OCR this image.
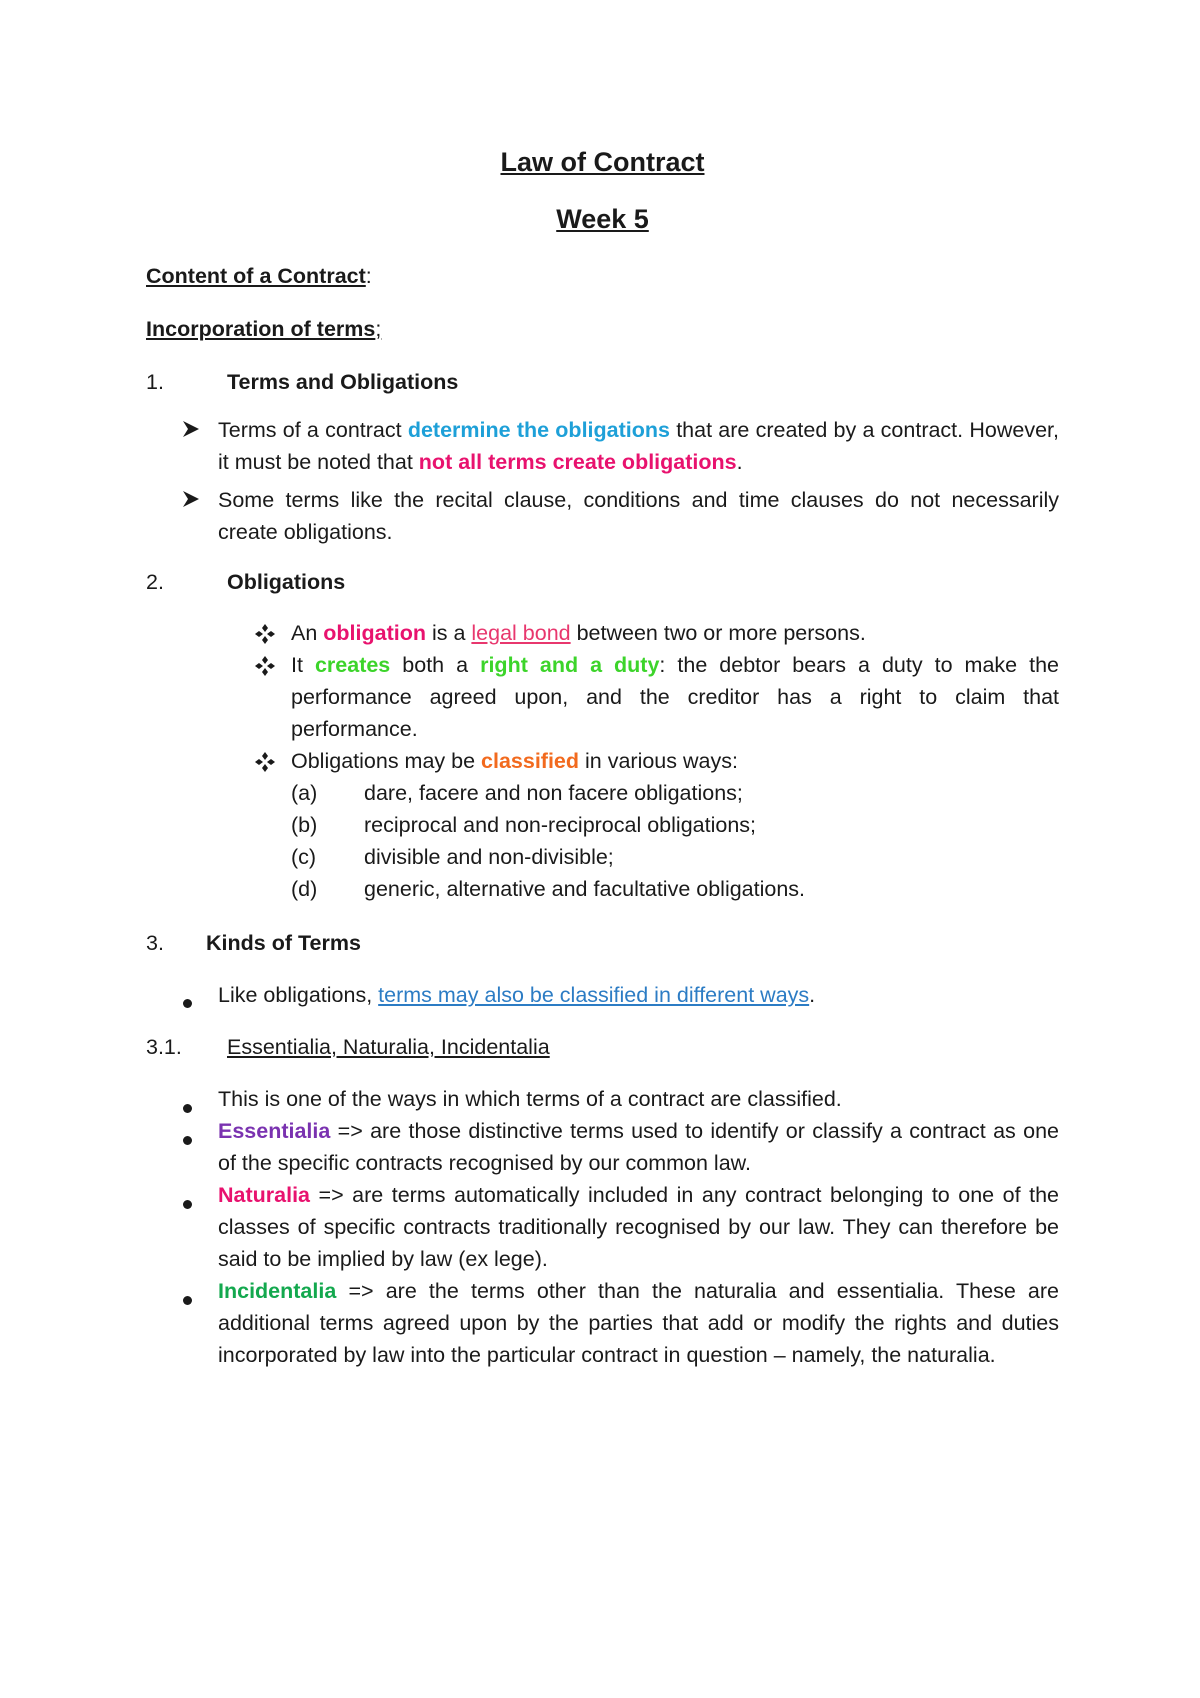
Law of Contract
Week 5
Content of a Contract:
Incorporation of terms;
1.	Terms and Obligations
Terms of a contract determine the obligations that are created by a contract. However, it must be noted that not all terms create obligations.
Some terms like the recital clause, conditions and time clauses do not necessarily create obligations.
2.	Obligations
An obligation is a legal bond between two or more persons.
It creates both a right and a duty: the debtor bears a duty to make the performance agreed upon, and the creditor has a right to claim that performance.
Obligations may be classified in various ways:
(a) dare, facere and non facere obligations;
(b) reciprocal and non-reciprocal obligations;
(c) divisible and non-divisible;
(d) generic, alternative and facultative obligations.
3. Kinds of Terms
Like obligations, terms may also be classified in different ways.
3.1. Essentialia, Naturalia, Incidentalia
This is one of the ways in which terms of a contract are classified.
Essentialia => are those distinctive terms used to identify or classify a contract as one of the specific contracts recognised by our common law.
Naturalia => are terms automatically included in any contract belonging to one of the classes of specific contracts traditionally recognised by our law. They can therefore be said to be implied by law (ex lege).
Incidentalia => are the terms other than the naturalia and essentialia. These are additional terms agreed upon by the parties that add or modify the rights and duties incorporated by law into the particular contract in question – namely, the naturalia.
